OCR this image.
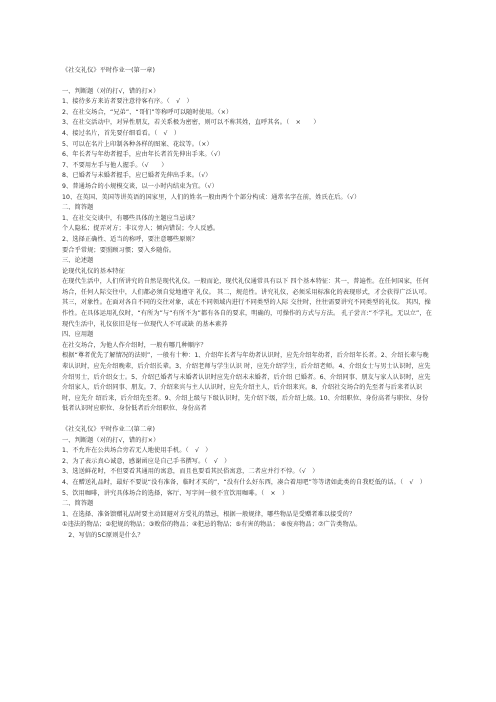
《社交礼仪》平时作业一(第一章)

一、判断题（对的打√，错的打×）

1、接待多方来访者要注意待客有序。（　√　）

2、在社交场合，“兄弟”、“哥们”等称呼可以随时使用。（×）

3、在社交活动中，对异性朋友，若关系极为密密，则可以不称其姓，直呼其名。（　×　　）

4、接过名片，首先要仔细看看。（　√　）

5、可以在名片上印制各种各样的图案、花纹等。（×）

6、年长者与年幼者握手，应由年长者首先伸出手来。（√）

7、不要用左手与他人握手。（√　　）

8、已婚者与未婚者握手，应已婚者先伸出手来。（√）

9、普通场合的小规模交谈，以一小时内结束为宜。（√）

10、在英国、美国等讲英语的国家里，人们的姓名一般由两个个部分构成：通常名字在前，姓氏在后。（√）

二、简答题

1、在社交交谈中，有哪些具体的主题应当忌谈？

个人隐私；捉弄对方；非议旁人；倾向错误；令人反感。

2、选择正确性、适当的称呼，要注意哪些原则？

要合乎常规；要照顾习惯；要入乡随俗。

三、论述题

论现代礼仪的基本特征

在现代生活中，人们所讲究的自然是现代礼仪。一般而论，现代礼仪通常具有以下 四个基本特征：其一，普遍性。在任何国家，任何场合，任何人际交往中，人们都必须自觉地遵守 礼仪。 其二，规范性。讲究礼仪，必须采用标准化的表现形式，才会获得广泛认可。 其三，对象性。在面对各自不同的交往对象，或在不同领域内进行不同类型的人际 交往时，往往需要讲究不同类型的礼仪。 其四，操作性。在具体运用礼仪时，“有所为”与“有所不为”都有各自的要求，明确的，可操作的方式与方法。 孔子尝言:“不学礼，无以立”，在现代生活中，礼仪依旧是每一位现代人不可或缺 的基本素养

四、应用题

在社交场合，为他人作介绍时，一般有哪几种顺序？

根据“尊者优先了解情况的法则”，一般有十种：1、介绍年长者与年幼者认识时，应先介绍年幼者，后介绍年长者。2、介绍长辈与晚辈认识时，应先介绍晚辈，后介绍长辈。3、介绍老师与学生认识 时，应先介绍学生，后介绍老师。4、介绍女士与男士认识时，应先介绍男士，后介绍女士。5、介绍已婚者与未婚者认识时应先介绍未未婚者，后介绍 已婚者。6、介绍同事、朋友与家人认识时，应先介绍家人，后介绍同事、朋友。7、介绍来宾与主人认识时，应先介绍主人，后介绍来宾。8、介绍社交场合的先至者与后来者认识时，应先介 绍后来，后介绍先至者。9、介绍上级与下级认识时，先介绍下级，后介绍上级。10、介绍职位、身份高者与职位、身份低者认识时应职位、身份低者后介绍职位、身份高者

《社交礼仪》平时作业二(第二章)

一、判断题（对的打√，错的打×）

1、不允许在公共场合旁若无人地使用手机。（　√　）

2、为了表示真心诚意，感谢函应是自己手书撰写。（　√　）

3、选送鲜花时，不但要看其通用的寓意，而且也要看其民俗寓意，二者应并行不悖。（√　）

4、在赠送礼品时，最好不要说“没有准备，临时才买的”，“没有什么好东西，凑合着用吧”等等诸如此类的自我贬低的话。（　√　）

5、饮用咖啡，讲究具体场合的选择，客厅、写字间一般不宜饮用咖啡。（　×　）

二、简答题

1、在选择、准备馈赠礼品时要主动回避对方受礼的禁忌，根据一般规律，哪些物品是受赠者难以接受的？

①违法的物品；②犯规的物品；③败俗的物品；④犯忌的物品；⑤有害的物品； ⑥废弃物品；⑦广告类物品。

　2、写信的5C原则是什么？
